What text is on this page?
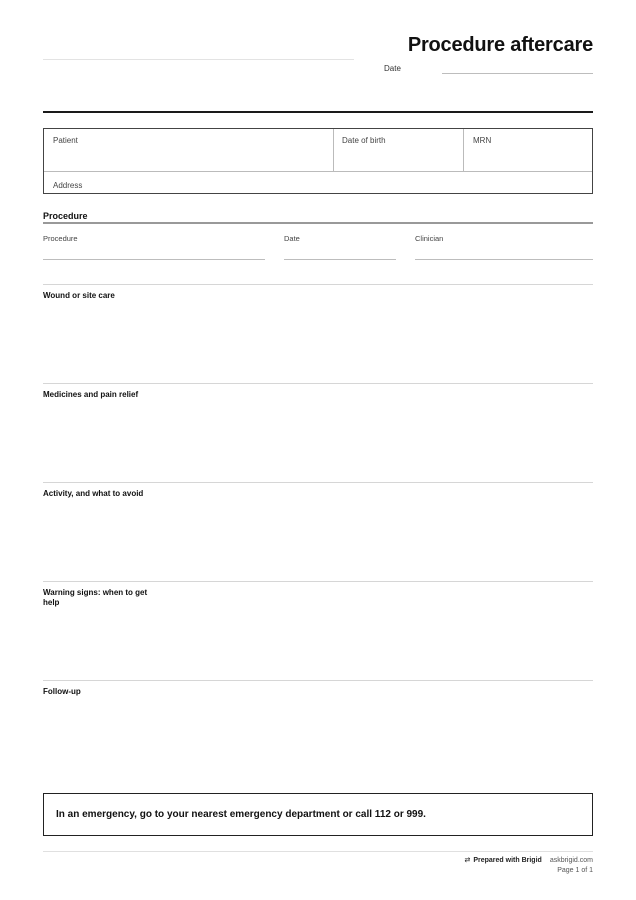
Procedure aftercare
Date
Patient	Date of birth	MRN
Address
Procedure
Procedure	Date	Clinician
Wound or site care
Medicines and pain relief
Activity, and what to avoid
Warning signs: when to get help
Follow-up
In an emergency, go to your nearest emergency department or call 112 or 999.
⇄ Prepared with Brigid askbrigid.com
Page 1 of 1
